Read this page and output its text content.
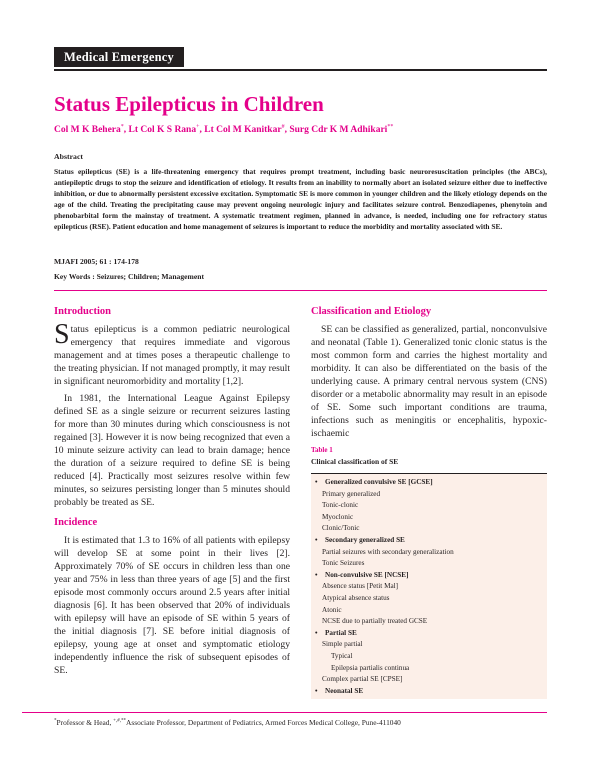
Medical Emergency
Status Epilepticus in Children
Col M K Behera*, Lt Col K S Rana+, Lt Col M Kanitkar#, Surg Cdr K M Adhikari**
Abstract

Status epilepticus (SE) is a life-threatening emergency that requires prompt treatment, including basic neuroresuscitation principles (the ABCs), antiepileptic drugs to stop the seizure and identification of etiology. It results from an inability to normally abort an isolated seizure either due to ineffective inhibition, or due to abnormally persistent excessive excitation. Symptomatic SE is more common in younger children and the likely etiology depends on the age of the child. Treating the precipitating cause may prevent ongoing neurologic injury and facilitates seizure control. Benzodiapenes, phenytoin and phenobarbital form the mainstay of treatment. A systematic treatment regimen, planned in advance, is needed, including one for refractory status epilepticus (RSE). Patient education and home management of seizures is important to reduce the morbidity and mortality associated with SE.

MJAFI 2005; 61 : 174-178
Key Words : Seizures; Children; Management
Introduction

Status epilepticus is a common pediatric neurological emergency that requires immediate and vigorous management and at times poses a therapeutic challenge to the treating physician. If not managed promptly, it may result in significant neuromorbidity and mortality [1,2].

In 1981, the International League Against Epilepsy defined SE as a single seizure or recurrent seizures lasting for more than 30 minutes during which consciousness is not regained [3]. However it is now being recognized that even a 10 minute seizure activity can lead to brain damage; hence the duration of a seizure required to define SE is being reduced [4]. Practically most seizures resolve within few minutes, so seizures persisting longer than 5 minutes should probably be treated as SE.

Incidence

It is estimated that 1.3 to 16% of all patients with epilepsy will develop SE at some point in their lives [2]. Approximately 70% of SE occurs in children less than one year and 75% in less than three years of age [5] and the first episode most commonly occurs around 2.5 years after initial diagnosis [6]. It has been observed that 20% of individuals with epilepsy will have an episode of SE within 5 years of the initial diagnosis [7]. SE before initial diagnosis of epilepsy, young age at onset and symptomatic etiology independently influence the risk of subsequent episodes of SE.

Classification and Etiology

SE can be classified as generalized, partial, nonconvulsive and neonatal (Table 1). Generalized tonic clonic status is the most common form and carries the highest mortality and morbidity. It can also be differentiated on the basis of the underlying cause. A primary central nervous system (CNS) disorder or a metabolic abnormality may result in an episode of SE. Some such important conditions are trauma, infections such as meningitis or encephalitis, hypoxic-ischaemic

Table 1
Clinical classification of SE
• Generalized convulsive SE [GCSE]
Primary generalized
Tonic-clonic
Myoclonic
Clonic/Tonic
• Secondary generalized SE
Partial seizures with secondary generalization
Tonic Seizures
• Non-convulsive SE [NCSE]
Absence status [Petit Mal]
Atypical absence status
Atonic
NCSE due to partially treated GCSE
• Partial SE
Simple partial
Typical
Epilepsia partialis continua
Complex partial SE [CPSE]
• Neonatal SE
*Professor & Head, +,#,**Associate Professor, Department of Pediatrics, Armed Forces Medical College, Pune-411040
